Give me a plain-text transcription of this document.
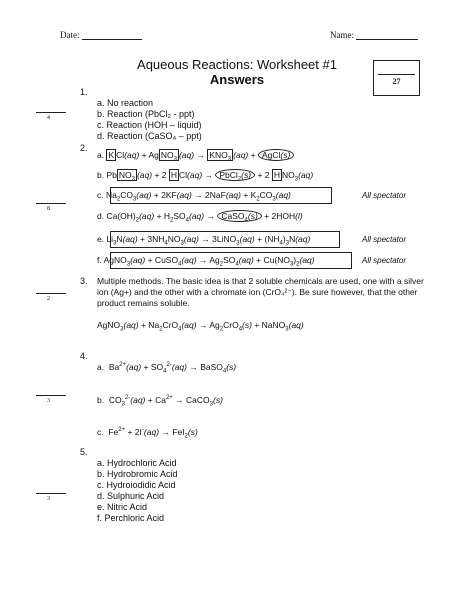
Date:	Name:
Aqueous Reactions: Worksheet #1
Answers	27
4
8
2
3
3
1.
a. No reaction
b. Reaction (PbCl₂ - ppt)
c. Reaction (HOH – liquid)
d. Reaction (CaSO₄ – ppt)
2.
a. K Cl(aq) + Ag $NO_3$ $(aq) \to KNO_3$ (aq) + AgCl(s)
b. Pb $NO_3$ (aq) + 2 H Cl(aq) → PbCl$_2$(s) + 2 H $NO_3(aq)$
c. $Na_2CO_3(aq) + 2KF(aq) \to 2NaF(aq) + K_2CO_3(aq)$	All spectator
d. $Ca(OH)_2(aq) + H_2SO_4(aq)$ → CaSO$_4$(s) + 2HOH(l)
e. $Li_3N(aq) + 3NH_4NO_3(aq)$ → 3LiNO$_3$(aq) + $(NH_4)_3N(aq)$	All spectator
f. AgNO$_3$(aq) + CuSO$_4$(aq) → $Ag_2SO_4(aq) + Cu(NO_3)_2(aq)$	All spectator
3. Multiple methods. The basic idea is that 2 soluble chemicals are used, one with a silver ion (Ag+) and the other with a chromate ion (CrO₄²⁻). Be sure however, that the other product remains soluble.
AgNO$_3$(aq) + $Na_2CrO_4(aq) \to Ag_2CrO_4(s)$ + NaNO$_3$(aq)
4.
a.  $Ba^{2+}(aq) + SO_4^{2-}(aq)$ → BaSO$_4$(s)
b.  $CO_3^{2-}(aq) + Ca^{2+}$ → CaCO$_3$(s)
c.  $Fe^{2+} + 2I^-(aq) \to FeI_2(s)$
5.
a. Hydrochloric Acid
b. Hydrobromic Acid
c. Hydroiodidic Acid
d. Sulphuric Acid
e. Nitric Acid
f. Perchloric Acid
